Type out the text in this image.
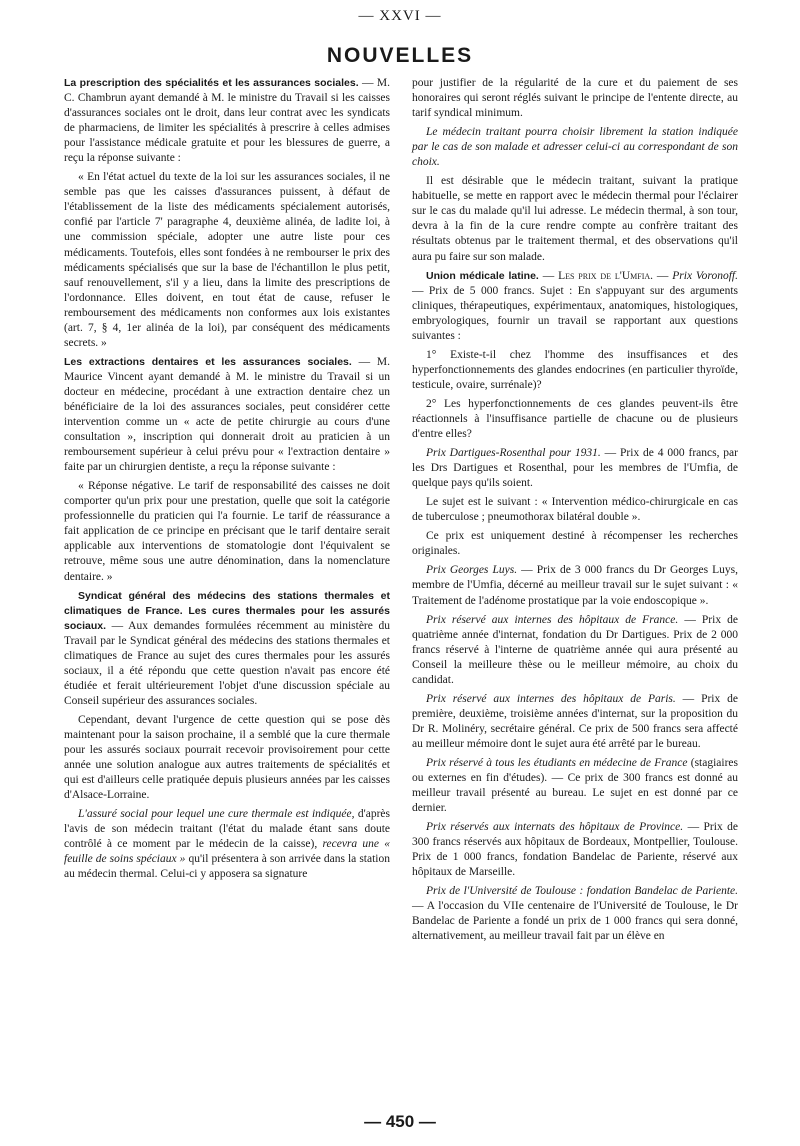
— XXVI —
NOUVELLES

La prescription des spécialités et les assurances sociales. — M. C. Chambrun ayant demandé à M. le ministre du Travail si les caisses d'assurances sociales ont le droit, dans leur contrat avec les syndicats de pharmaciens, de limiter les spécialités à prescrire à celles admises pour l'assistance médicale gratuite et pour les blessures de guerre, a reçu la réponse suivante :

« En l'état actuel du texte de la loi sur les assurances sociales, il ne semble pas que les caisses d'assurances puissent, à défaut de l'établissement de la liste des médicaments spécialement autorisés, confié par l'article 7' paragraphe 4, deuxième alinéa, de ladite loi, à une commission spéciale, adopter une autre liste pour ces médicaments. Toutefois, elles sont fondées à ne rembourser le prix des médicaments spécialisés que sur la base de l'échantillon le plus petit, sauf renouvellement, s'il y a lieu, dans la limite des prescriptions de l'ordonnance. Elles doivent, en tout état de cause, refuser le remboursement des médicaments non conformes aux lois existantes (art. 7, § 4, 1er alinéa de la loi), par conséquent des médicaments secrets. »

Les extractions dentaires et les assurances sociales. — M. Maurice Vincent ayant demandé à M. le ministre du Travail si un docteur en médecine, procédant à une extraction dentaire chez un bénéficiaire de la loi des assurances sociales, peut considérer cette intervention comme un « acte de petite chirurgie au cours d'une consultation », inscription qui donnerait droit au praticien à un remboursement supérieur à celui prévu pour « l'extraction dentaire » faite par un chirurgien dentiste, a reçu la réponse suivante :

« Réponse négative. Le tarif de responsabilité des caisses ne doit comporter qu'un prix pour une prestation, quelle que soit la catégorie professionnelle du praticien qui l'a fournie. Le tarif de réassurance a fait application de ce principe en précisant que le tarif dentaire serait applicable aux interventions de stomatologie dont l'équivalent se retrouve, même sous une autre dénomination, dans la nomenclature dentaire. »

Syndicat général des médecins des stations thermales et climatiques de France. Les cures thermales pour les assurés sociaux. — Aux demandes formulées récemment au ministère du Travail par le Syndicat général des médecins des stations thermales et climatiques de France au sujet des cures thermales pour les assurés sociaux, il a été répondu que cette question n'avait pas encore été étudiée et ferait ultérieurement l'objet d'une discussion spéciale au Conseil supérieur des assurances sociales.

Cependant, devant l'urgence de cette question qui se pose dès maintenant pour la saison prochaine, il a semblé que la cure thermale pour les assurés sociaux pourrait recevoir provisoirement pour cette année une solution analogue aux autres traitements de spécialités et qui est d'ailleurs celle pratiquée depuis plusieurs années par les caisses d'Alsace-Lorraine.

L'assuré social pour lequel une cure thermale est indiquée, d'après l'avis de son médecin traitant (l'état du malade étant sans doute contrôlé à ce moment par le médecin de la caisse), recevra une « feuille de soins spéciaux » qu'il présentera à son arrivée dans la station au médecin thermal. Celui-ci y apposera sa signature

pour justifier de la régularité de la cure et du paiement de ses honoraires qui seront réglés suivant le principe de l'entente directe, au tarif syndical minimum.

Le médecin traitant pourra choisir librement la station indiquée par le cas de son malade et adresser celui-ci au correspondant de son choix.

Il est désirable que le médecin traitant, suivant la pratique habituelle, se mette en rapport avec le médecin thermal pour l'éclairer sur le cas du malade qu'il lui adresse. Le médecin thermal, à son tour, devra à la fin de la cure rendre compte au confrère traitant des résultats obtenus par le traitement thermal, et des observations qu'il aura pu faire sur son malade.

Union médicale latine. — Les prix de l'Umfia. — Prix Voronoff. — Prix de 5 000 francs. Sujet : En s'appuyant sur des arguments cliniques, thérapeutiques, expérimentaux, anatomiques, histologiques, embryologiques, fournir un travail se rapportant aux questions suivantes :

1° Existe-t-il chez l'homme des insuffisances et des hyperfonctionnements des glandes endocrines (en particulier thyroïde, testicule, ovaire, surrénale)?

2° Les hyperfonctionnements de ces glandes peuvent-ils être réactionnels à l'insuffisance partielle de chacune ou de plusieurs d'entre elles?

Prix Dartigues-Rosenthal pour 1931. — Prix de 4 000 francs, par les Drs Dartigues et Rosenthal, pour les membres de l'Umfia, de quelque pays qu'ils soient.

Le sujet est le suivant : « Intervention médico-chirurgicale en cas de tuberculose ; pneumothorax bilatéral double ».

Ce prix est uniquement destiné à récompenser les recherches originales.

Prix Georges Luys. — Prix de 3 000 francs du Dr Georges Luys, membre de l'Umfia, décerné au meilleur travail sur le sujet suivant : « Traitement de l'adénome prostatique par la voie endoscopique ».

Prix réservé aux internes des hôpitaux de France. — Prix de quatrième année d'internat, fondation du Dr Dartigues. Prix de 2 000 francs réservé à l'interne de quatrième année qui aura présenté au Conseil la meilleure thèse ou le meilleur mémoire, au choix du candidat.

Prix réservé aux internes des hôpitaux de Paris. — Prix de première, deuxième, troisième années d'internat, sur la proposition du Dr R. Molinéry, secrétaire général. Ce prix de 500 francs sera affecté au meilleur mémoire dont le sujet aura été arrêté par le bureau.

Prix réservé à tous les étudiants en médecine de France (stagiaires ou externes en fin d'études). — Ce prix de 300 francs est donné au meilleur travail présenté au bureau. Le sujet en est donné par ce dernier.

Prix réservés aux internats des hôpitaux de Province. — Prix de 300 francs réservés aux hôpitaux de Bordeaux, Montpellier, Toulouse. Prix de 1 000 francs, fondation Bandelac de Pariente, réservé aux hôpitaux de Marseille.

Prix de l'Université de Toulouse : fondation Bandelac de Pariente. — A l'occasion du VIIe centenaire de l'Université de Toulouse, le Dr Bandelac de Pariente a fondé un prix de 1 000 francs qui sera donné, alternativement, au meilleur travail fait par un élève en

— 450 —
